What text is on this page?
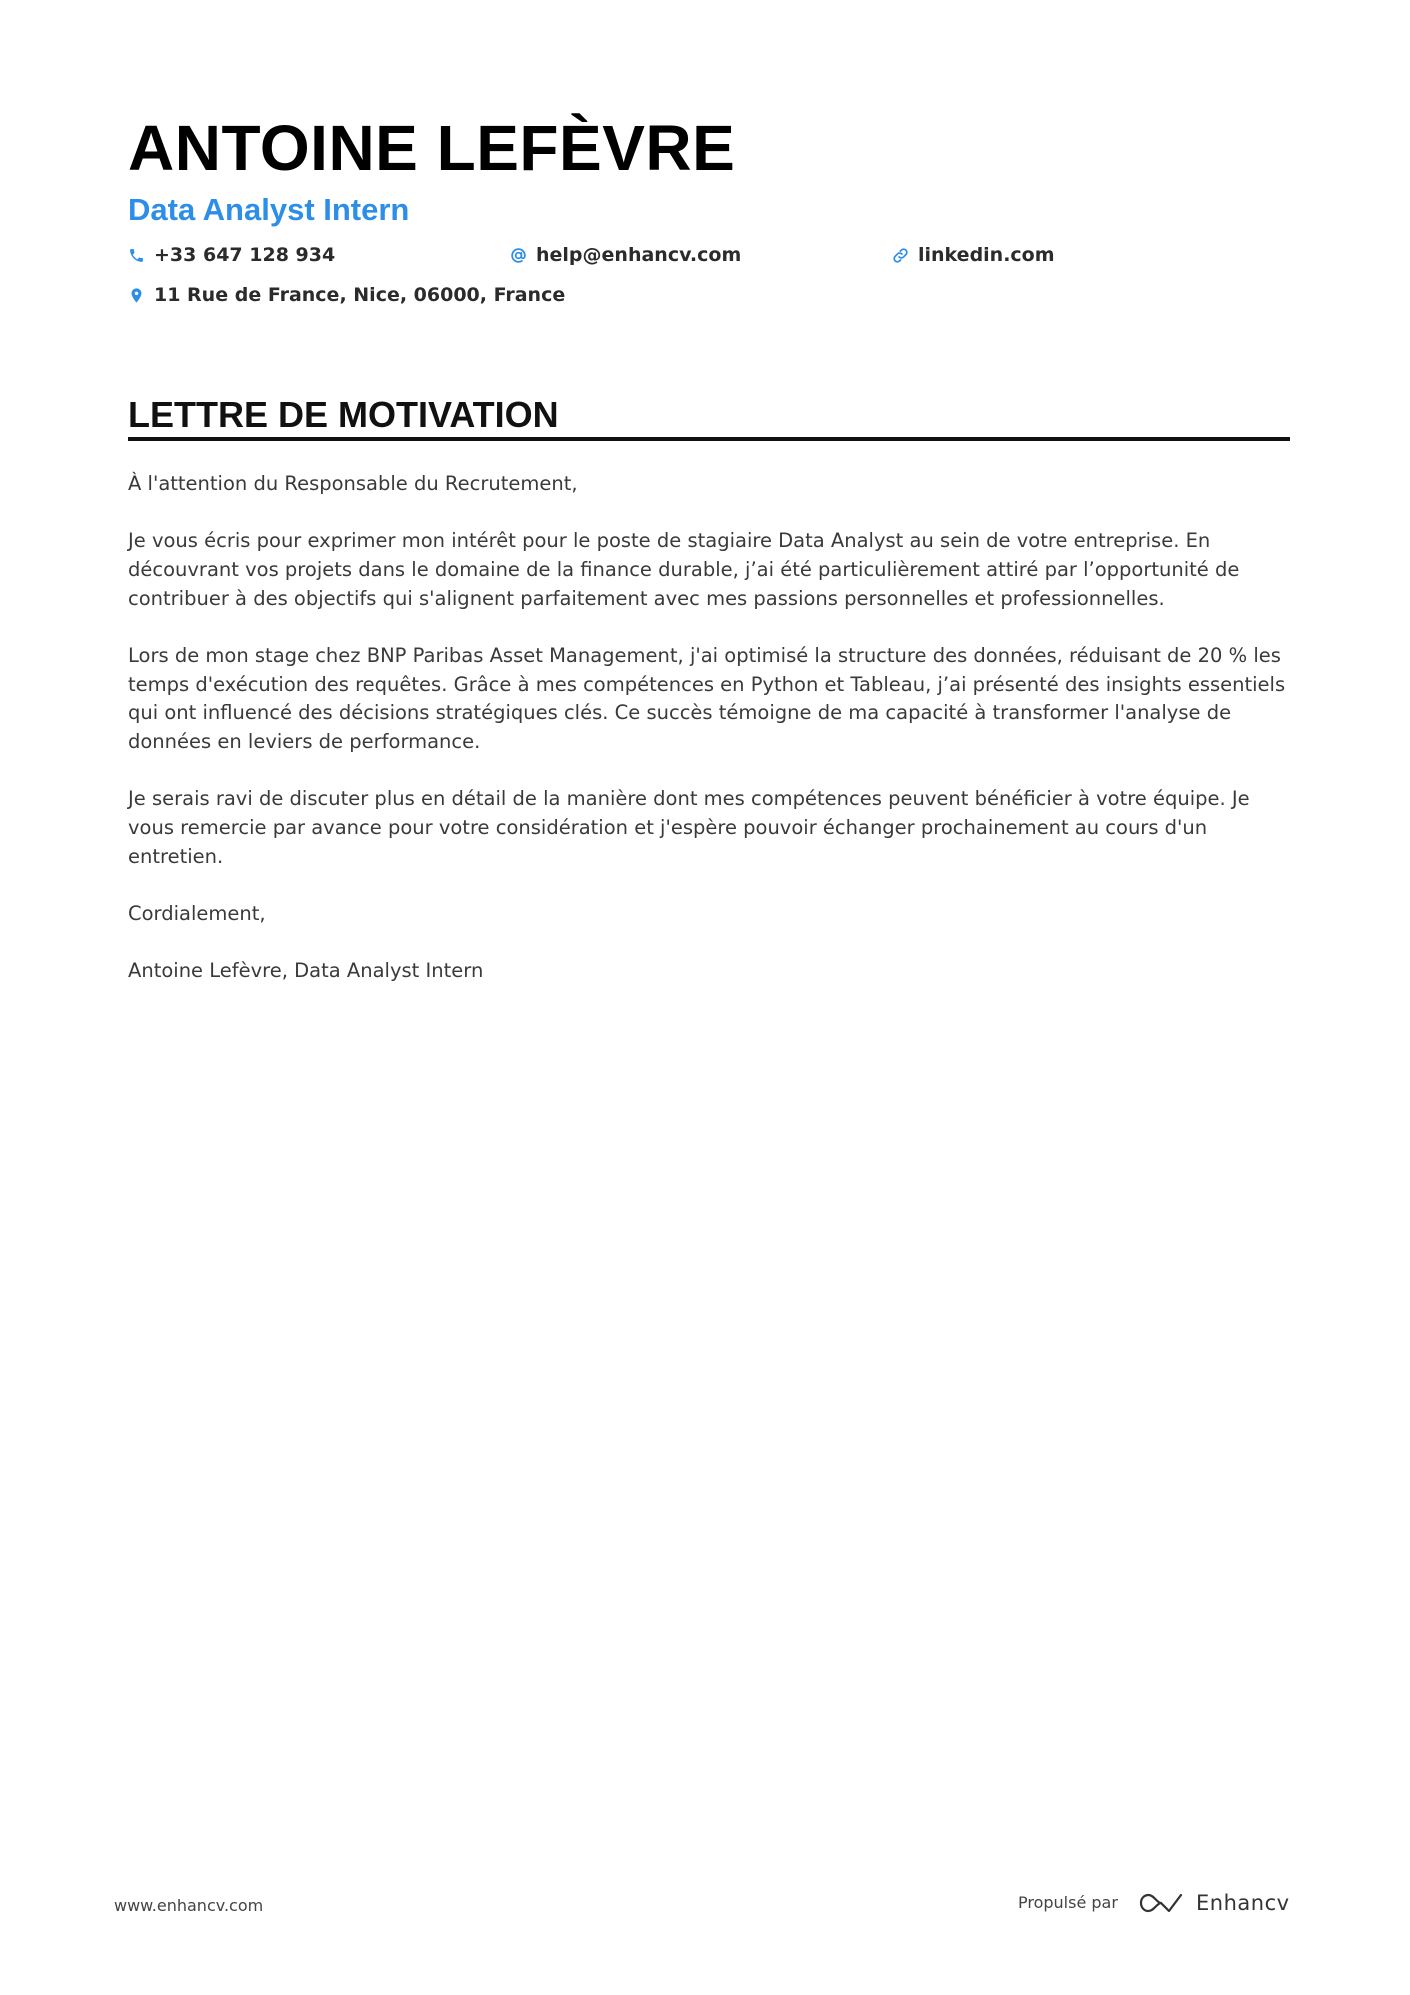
ANTOINE LEFÈVRE
Data Analyst Intern
+33 647 128 934	help@enhancv.com	linkedin.com
11 Rue de France, Nice, 06000, France
LETTRE DE MOTIVATION

À l'attention du Responsable du Recrutement,

Je vous écris pour exprimer mon intérêt pour le poste de stagiaire Data Analyst au sein de votre entreprise. En découvrant vos projets dans le domaine de la finance durable, j’ai été particulièrement attiré par l’opportunité de contribuer à des objectifs qui s'alignent parfaitement avec mes passions personnelles et professionnelles.

Lors de mon stage chez BNP Paribas Asset Management, j'ai optimisé la structure des données, réduisant de 20 % les temps d'exécution des requêtes. Grâce à mes compétences en Python et Tableau, j’ai présenté des insights essentiels qui ont influencé des décisions stratégiques clés. Ce succès témoigne de ma capacité à transformer l'analyse de données en leviers de performance.

Je serais ravi de discuter plus en détail de la manière dont mes compétences peuvent bénéficier à votre équipe. Je vous remercie par avance pour votre considération et j'espère pouvoir échanger prochainement au cours d'un entretien.

Cordialement,

Antoine Lefèvre, Data Analyst Intern

www.enhancv.com	Propulsé par	Enhancv
